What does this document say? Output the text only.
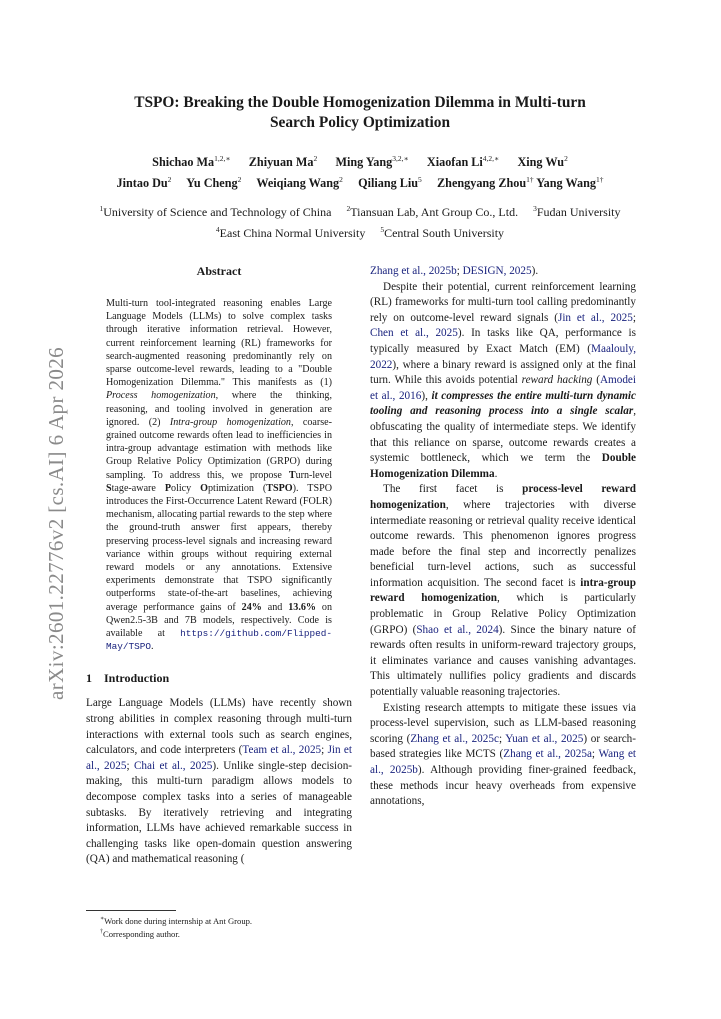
arXiv:2601.22776v2 [cs.AI] 6 Apr 2026
TSPO: Breaking the Double Homogenization Dilemma in Multi-turn
Search Policy Optimization
Shichao $Ma^{1,2,∗}$ Zhiyuan Ma$^2$ Ming Yang$^{3,2,∗}$ Xiaofan $Li^{4,2,∗}$ Xing Wu$^2$
Jintao Du$^2$ Yu Cheng$^2$ Weiqiang Wang$^2$ Qiliang Liu$^5$ Zhengyang Zhou$^{1\dagger}$ Yang Wang$^{1\dagger}$
$^1$University of Science and Technology of China $^2$Tiansuan Lab, Ant Group Co., Ltd. $^3$Fudan University
$^4$East China Normal University $^5$Central South University
Abstract

Multi-turn tool-integrated reasoning enables Large Language Models (LLMs) to solve complex tasks through iterative information retrieval. However, current reinforcement learning (RL) frameworks for search-augmented reasoning predominantly rely on sparse outcome-level rewards, leading to a "Double Homogenization Dilemma." This manifests as (1) Process homogenization, where the thinking, reasoning, and tooling involved in generation are ignored. (2) Intra-group homogenization, coarse-grained outcome rewards often lead to inefficiencies in intra-group advantage estimation with methods like Group Relative Policy Optimization (GRPO) during sampling. To address this, we propose Turn-level Stage-aware Policy Optimization (TSPO). TSPO introduces the First-Occurrence Latent Reward (FOLR) mechanism, allocating partial rewards to the step where the ground-truth answer first appears, thereby preserving process-level signals and increasing reward variance within groups without requiring external reward models or any annotations. Extensive experiments demonstrate that TSPO significantly outperforms state-of-the-art baselines, achieving average performance gains of 24% and 13.6% on Qwen2.5-3B and 7B models, respectively. Code is available at https://github.com/Flipped-May/TSPO.

1 Introduction

Large Language Models (LLMs) have recently shown strong abilities in complex reasoning through multi-turn interactions with external tools such as search engines, calculators, and code interpreters (Team et al., 2025; Jin et al., 2025; Chai et al., 2025). Unlike single-step decision-making, this multi-turn paradigm allows models to decompose complex tasks into a series of manageable subtasks. By iteratively retrieving and integrating information, LLMs have achieved remarkable success in challenging tasks like open-domain question answering (QA) and mathematical reasoning (

∗Work done during internship at Ant Group.
†Corresponding author.

Zhang et al., 2025b; DESIGN, 2025).

Despite their potential, current reinforcement learning (RL) frameworks for multi-turn tool calling predominantly rely on outcome-level reward signals (Jin et al., 2025; Chen et al., 2025). In tasks like QA, performance is typically measured by Exact Match (EM) (Maalouly, 2022), where a binary reward is assigned only at the final turn. While this avoids potential reward hacking (Amodei et al., 2016), it compresses the entire multi-turn dynamic tooling and reasoning process into a single scalar, obfuscating the quality of intermediate steps. We identify that this reliance on sparse, outcome rewards creates a systemic bottleneck, which we term the Double Homogenization Dilemma.

The first facet is process-level reward homogenization, where trajectories with diverse intermediate reasoning or retrieval quality receive identical outcome rewards. This phenomenon ignores progress made before the final step and incorrectly penalizes beneficial turn-level actions, such as successful information acquisition. The second facet is intra-group reward homogenization, which is particularly problematic in Group Relative Policy Optimization (GRPO) (Shao et al., 2024). Since the binary nature of rewards often results in uniform-reward trajectory groups, it eliminates variance and causes vanishing advantages. This ultimately nullifies policy gradients and discards potentially valuable reasoning trajectories.

Existing research attempts to mitigate these issues via process-level supervision, such as LLM-based reasoning scoring (Zhang et al., 2025c; Yuan et al., 2025) or search-based strategies like MCTS (Zhang et al., 2025a; Wang et al., 2025b). Although providing finer-grained feedback, these methods incur heavy overheads from expensive annotations,
